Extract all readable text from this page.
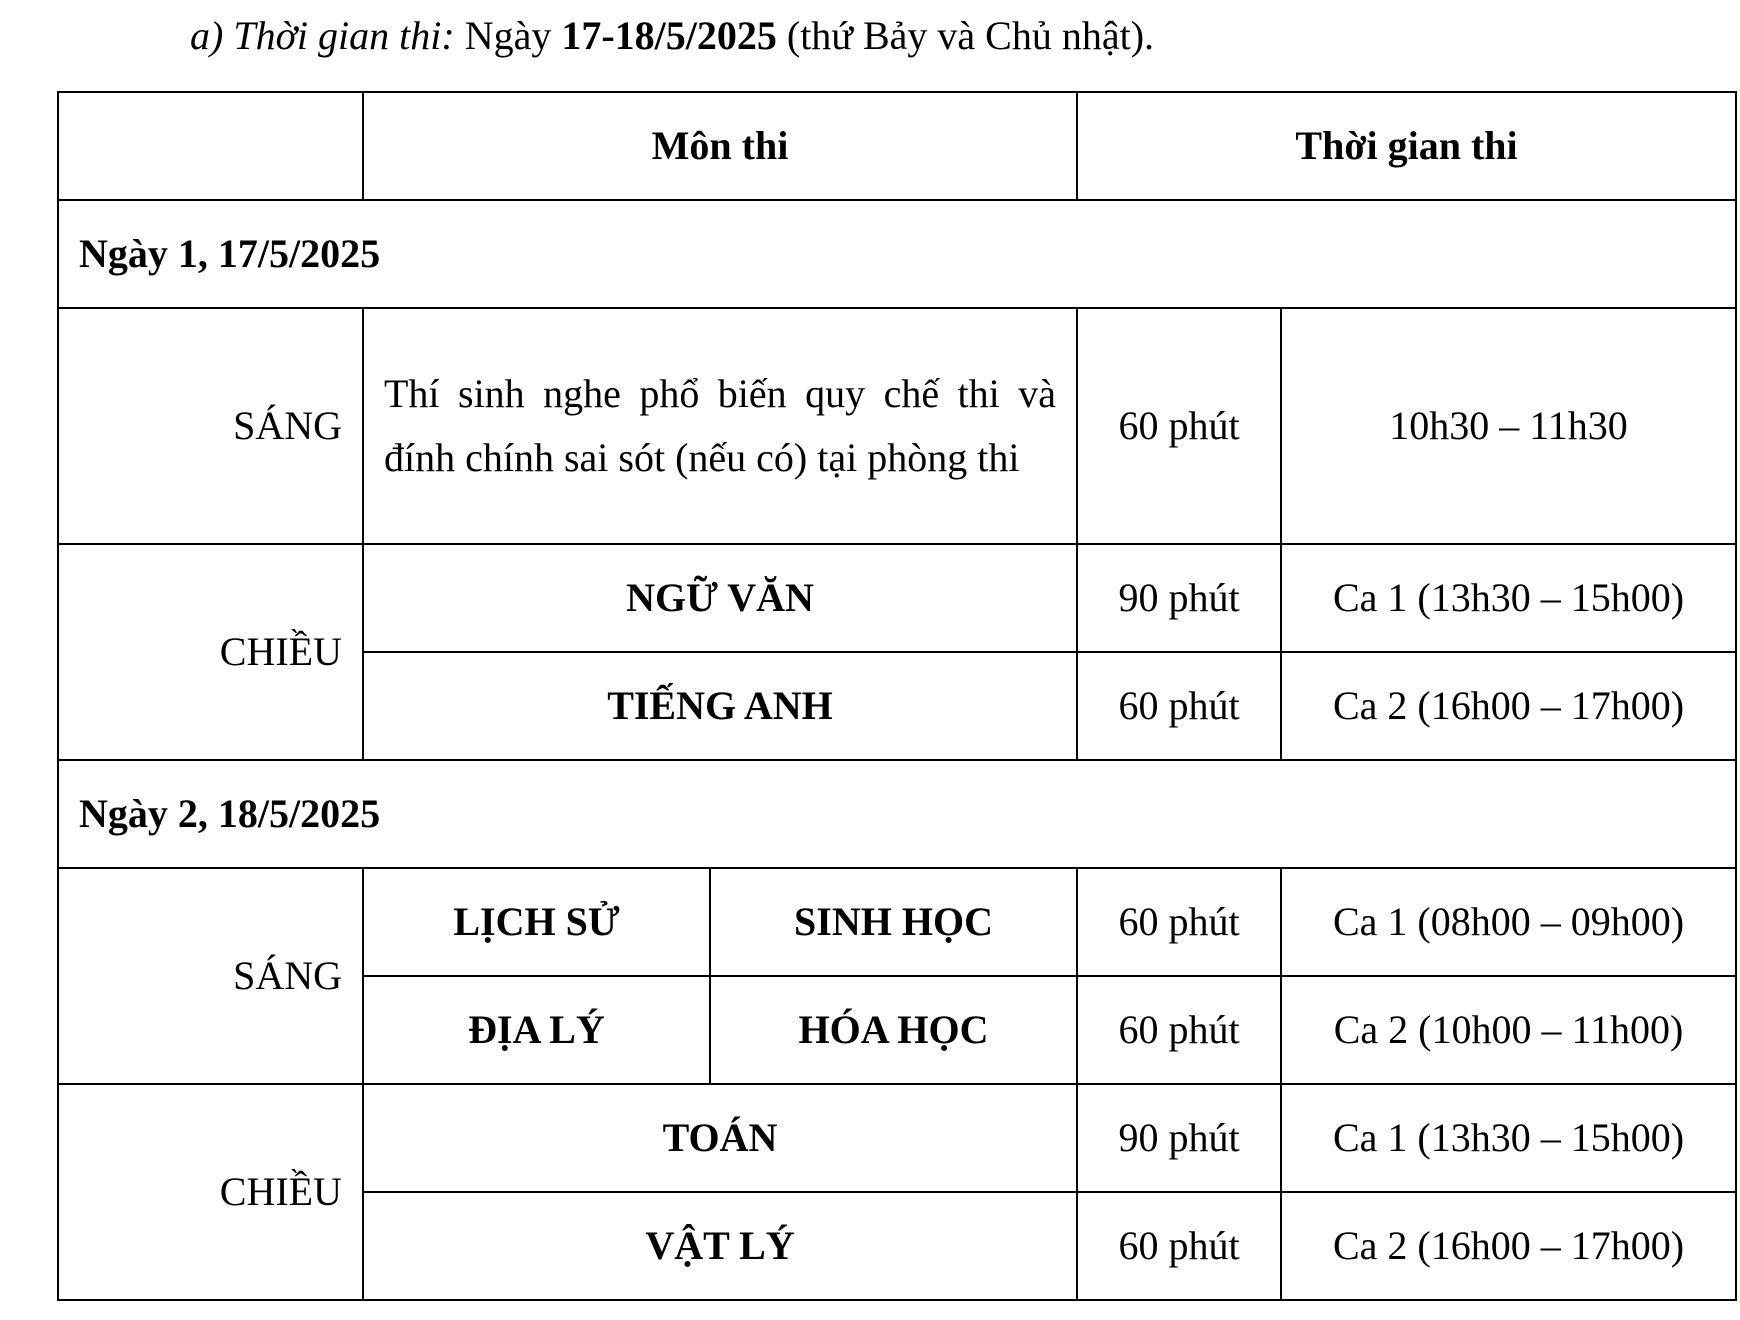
a) Thời gian thi: Ngày 17-18/5/2025 (thứ Bảy và Chủ nhật).
	Môn thi		Thời gian thi	
Ngày 1, 17/5/2025				
SÁNG	Thí sinh nghe phổ biến quy chế thi và đính chính sai sót (nếu có) tại phòng thi		60 phút	10h30 – 11h30
CHIỀU	NGỮ VĂN		90 phút	Ca 1 (13h30 – 15h00)
	TIẾNG ANH		60 phút	Ca 2 (16h00 – 17h00)
Ngày 2, 18/5/2025				
SÁNG	LỊCH SỬ	SINH HỌC	60 phút	Ca 1 (08h00 – 09h00)
	ĐỊA LÝ	HÓA HỌC	60 phút	Ca 2 (10h00 – 11h00)
CHIỀU	TOÁN		90 phút	Ca 1 (13h30 – 15h00)
	VẬT LÝ		60 phút	Ca 2 (16h00 – 17h00)
